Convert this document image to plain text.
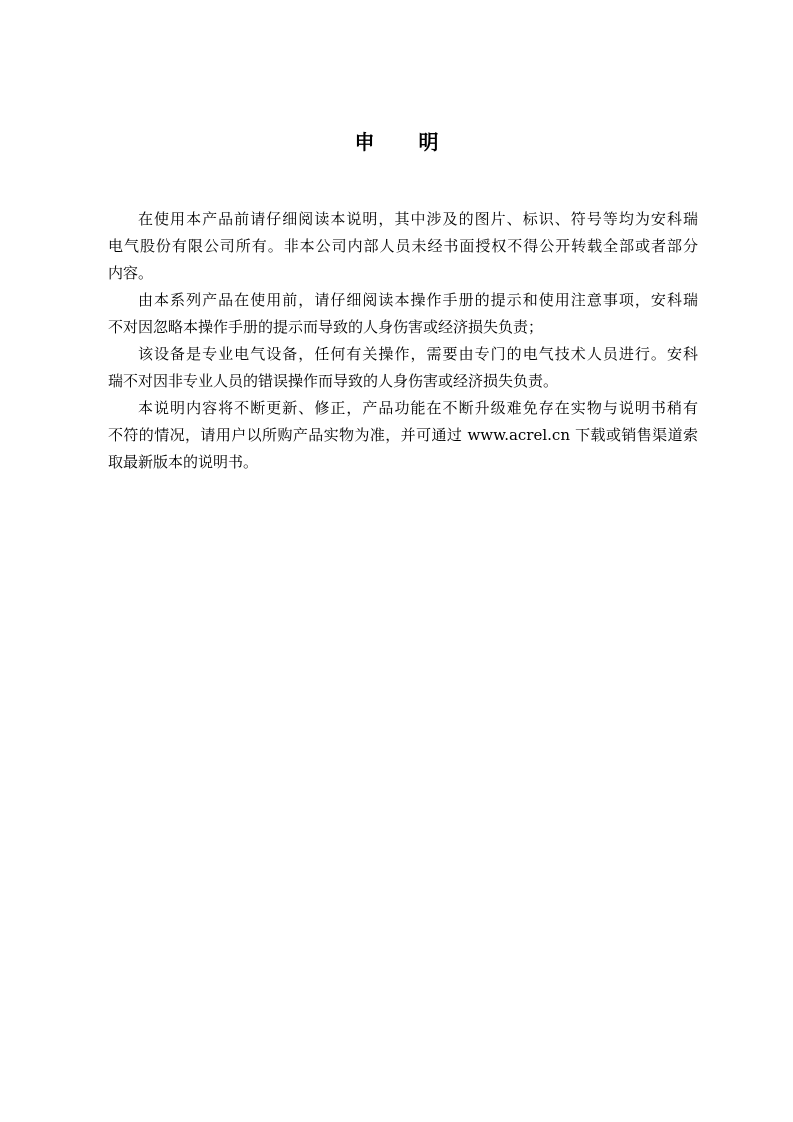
申 明
在使用本产品前请仔细阅读本说明，其中涉及的图片、标识、符号等均为安科瑞
电气股份有限公司所有。非本公司内部人员未经书面授权不得公开转载全部或者部分
内容。
由本系列产品在使用前，请仔细阅读本操作手册的提示和使用注意事项，安科瑞
不对因忽略本操作手册的提示而导致的人身伤害或经济损失负责；
该设备是专业电气设备，任何有关操作，需要由专门的电气技术人员进行。安科
瑞不对因非专业人员的错误操作而导致的人身伤害或经济损失负责。
本说明内容将不断更新、修正，产品功能在不断升级难免存在实物与说明书稍有
不符的情况，请用户以所购产品实物为准，并可通过 www.acrel.cn 下载或销售渠道索
取最新版本的说明书。
